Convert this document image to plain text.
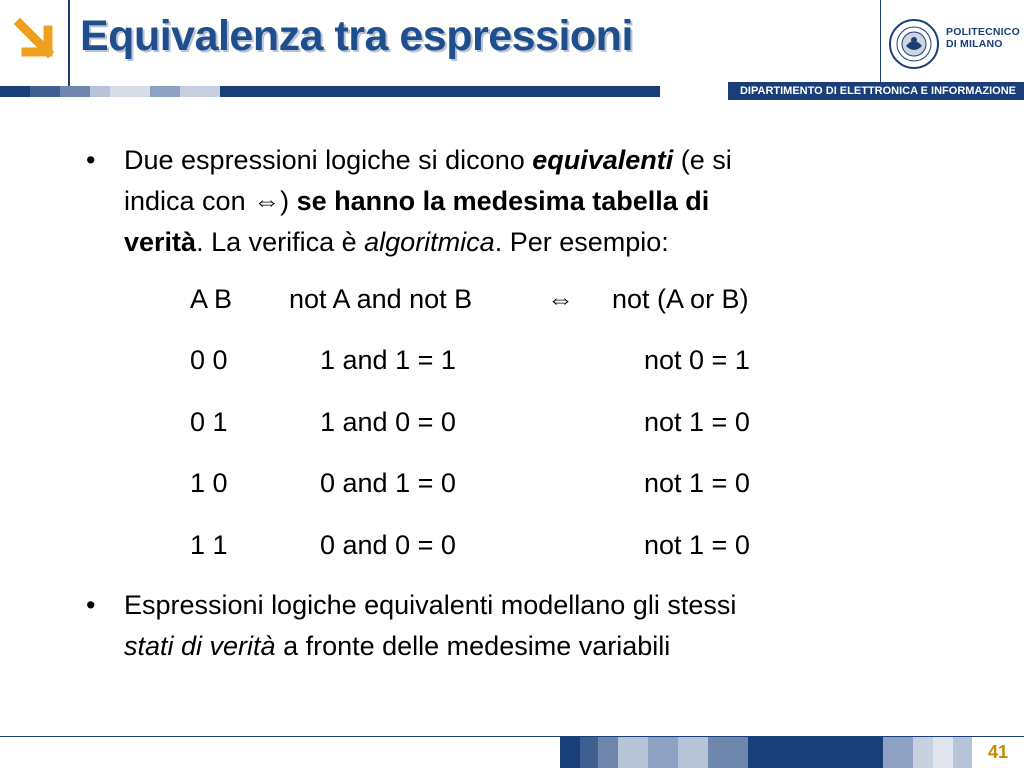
Equivalenza tra espressioni	POLITECNICO
DI MILANO
DIPARTIMENTO DI ELETTRONICA E INFORMAZIONE
• Due espressioni logiche si dicono equivalenti (e si
indica con ⇔) se hanno la medesima tabella di
verità. La verifica è algoritmica. Per esempio:
A B not A and not B	⇔ not (A or B)
0 0	1 and 1 = 1	not 0 = 1
0 1	1 and 0 = 0	not 1 = 0
1 0	0 and 1 = 0	not 1 = 0
1 1	0 and 0 = 0	not 1 = 0
• Espressioni logiche equivalenti modellano gli stessi
stati di verità a fronte delle medesime variabili
41
